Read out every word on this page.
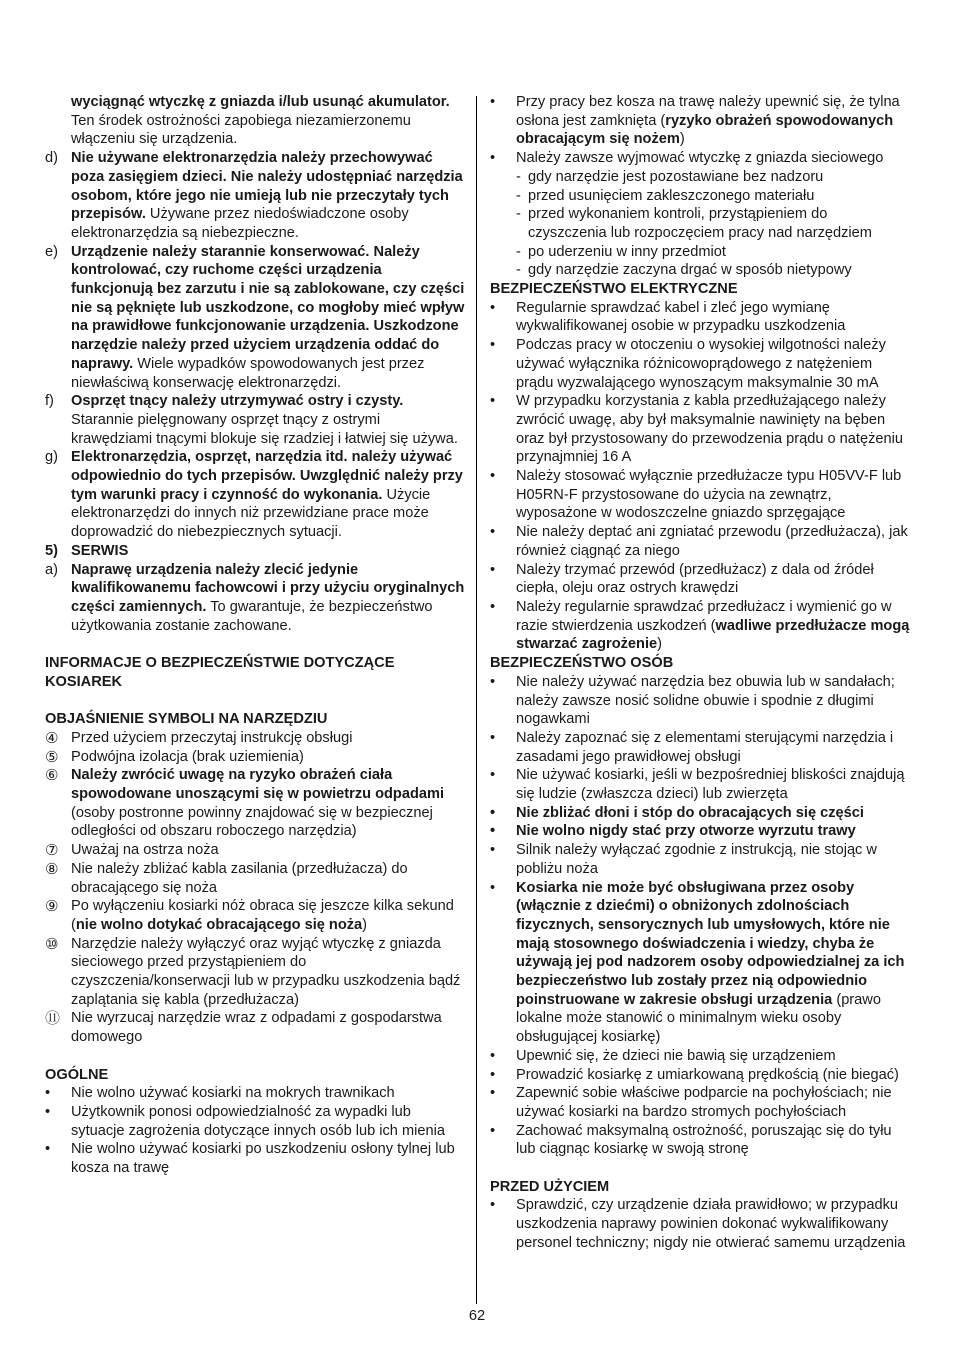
wyciągnąć wtyczkę z gniazda i/lub usunąć akumulator. Ten środek ostrożności zapobiega niezamierzonemu włączeniu się urządzenia.

d) Nie używane elektronarzędzia należy przechowywać poza zasięgiem dzieci. Nie należy udostępniać narzędzia osobom, które jego nie umieją lub nie przeczytały tych przepisów. Używane przez niedoświadczone osoby elektronarzędzia są niebezpieczne.

e) Urządzenie należy starannie konserwować. Należy kontrolować, czy ruchome części urządzenia funkcjonują bez zarzutu i nie są zablokowane, czy części nie są pęknięte lub uszkodzone, co mogłoby mieć wpływ na prawidłowe funkcjonowanie urządzenia. Uszkodzone narzędzie należy przed użyciem urządzenia oddać do naprawy. Wiele wypadków spowodowanych jest przez niewłaściwą konserwację elektronarzędzi.

f) Osprzęt tnący należy utrzymywać ostry i czysty. Starannie pielęgnowany osprzęt tnący z ostrymi krawędziami tnącymi blokuje się rzadziej i łatwiej się używa.

g) Elektronarzędzia, osprzęt, narzędzia itd. należy używać odpowiednio do tych przepisów. Uwzględnić należy przy tym warunki pracy i czynność do wykonania. Użycie elektronarzędzi do innych niż przewidziane prace może doprowadzić do niebezpiecznych sytuacji.

5) SERWIS

a) Naprawę urządzenia należy zlecić jedynie kwalifikowanemu fachowcowi i przy użyciu oryginalnych części zamiennych. To gwarantuje, że bezpieczeństwo użytkowania zostanie zachowane.

INFORMACJE O BEZPIECZEŃSTWIE DOTYCZĄCE KOSIAREK

OBJAŚNIENIE SYMBOLI NA NARZĘDZIU

④ Przed użyciem przeczytaj instrukcję obsługi

⑤ Podwójna izolacja (brak uziemienia)

⑥ Należy zwrócić uwagę na ryzyko obrażeń ciała spowodowane unoszącymi się w powietrzu odpadami (osoby postronne powinny znajdować się w bezpiecznej odległości od obszaru roboczego narzędzia)

⑦ Uważaj na ostrza noża

⑧ Nie należy zbliżać kabla zasilania (przedłużacza) do obracającego się noża

⑨ Po wyłączeniu kosiarki nóż obraca się jeszcze kilka sekund (nie wolno dotykać obracającego się noża)

⑩ Narzędzie należy wyłączyć oraz wyjąć wtyczkę z gniazda sieciowego przed przystąpieniem do czyszczenia/konserwacji lub w przypadku uszkodzenia bądź zaplątania się kabla (przedłużacza)

⑪ Nie wyrzucaj narzędzie wraz z odpadami z gospodarstwa domowego

OGÓLNE

• Nie wolno używać kosiarki na mokrych trawnikach

• Użytkownik ponosi odpowiedzialność za wypadki lub sytuacje zagrożenia dotyczące innych osób lub ich mienia

• Nie wolno używać kosiarki po uszkodzeniu osłony tylnej lub kosza na trawę

• Przy pracy bez kosza na trawę należy upewnić się, że tylna osłona jest zamknięta (ryzyko obrażeń spowodowanych obracającym się nożem)

• Należy zawsze wyjmować wtyczkę z gniazda sieciowego

- gdy narzędzie jest pozostawiane bez nadzoru

- przed usunięciem zakleszczonego materiału

- przed wykonaniem kontroli, przystąpieniem do czyszczenia lub rozpoczęciem pracy nad narzędziem

- po uderzeniu w inny przedmiot

- gdy narzędzie zaczyna drgać w sposób nietypowy

BEZPIECZEŃSTWO ELEKTRYCZNE

• Regularnie sprawdzać kabel i zleć jego wymianę wykwalifikowanej osobie w przypadku uszkodzenia

• Podczas pracy w otoczeniu o wysokiej wilgotności należy używać wyłącznika różnicowoprądowego z natężeniem prądu wyzwalającego wynoszącym maksymalnie 30 mA

• W przypadku korzystania z kabla przedłużającego należy zwrócić uwagę, aby był maksymalnie nawinięty na bęben oraz był przystosowany do przewodzenia prądu o natężeniu przynajmniej 16 A

• Należy stosować wyłącznie przedłużacze typu H05VV-F lub H05RN-F przystosowane do użycia na zewnątrz, wyposażone w wodoszczelne gniazdo sprzęgające

• Nie należy deptać ani zgniatać przewodu (przedłużacza), jak również ciągnąć za niego

• Należy trzymać przewód (przedłużacz) z dala od źródeł ciepła, oleju oraz ostrych krawędzi

• Należy regularnie sprawdzać przedłużacz i wymienić go w razie stwierdzenia uszkodzeń (wadliwe przedłużacze mogą stwarzać zagrożenie)

BEZPIECZEŃSTWO OSÓB

• Nie należy używać narzędzia bez obuwia lub w sandałach; należy zawsze nosić solidne obuwie i spodnie z długimi nogawkami

• Należy zapoznać się z elementami sterującymi narzędzia i zasadami jego prawidłowej obsługi

• Nie używać kosiarki, jeśli w bezpośredniej bliskości znajdują się ludzie (zwłaszcza dzieci) lub zwierzęta

• Nie zbliżać dłoni i stóp do obracających się części

• Nie wolno nigdy stać przy otworze wyrzutu trawy

• Silnik należy wyłączać zgodnie z instrukcją, nie stojąc w pobliżu noża

• Kosiarka nie może być obsługiwana przez osoby (włącznie z dziećmi) o obniżonych zdolnościach fizycznych, sensorycznych lub umysłowych, które nie mają stosownego doświadczenia i wiedzy, chyba że używają jej pod nadzorem osoby odpowiedzialnej za ich bezpieczeństwo lub zostały przez nią odpowiednio poinstruowane w zakresie obsługi urządzenia (prawo lokalne może stanowić o minimalnym wieku osoby obsługującej kosiarkę)

• Upewnić się, że dzieci nie bawią się urządzeniem

• Prowadzić kosiarkę z umiarkowaną prędkością (nie biegać)

• Zapewnić sobie właściwe podparcie na pochyłościach; nie używać kosiarki na bardzo stromych pochyłościach

• Zachować maksymalną ostrożność, poruszając się do tyłu lub ciągnąc kosiarkę w swoją stronę

PRZED UŻYCIEM

• Sprawdzić, czy urządzenie działa prawidłowo; w przypadku uszkodzenia naprawy powinien dokonać wykwalifikowany personel techniczny; nigdy nie otwierać samemu urządzenia

62
